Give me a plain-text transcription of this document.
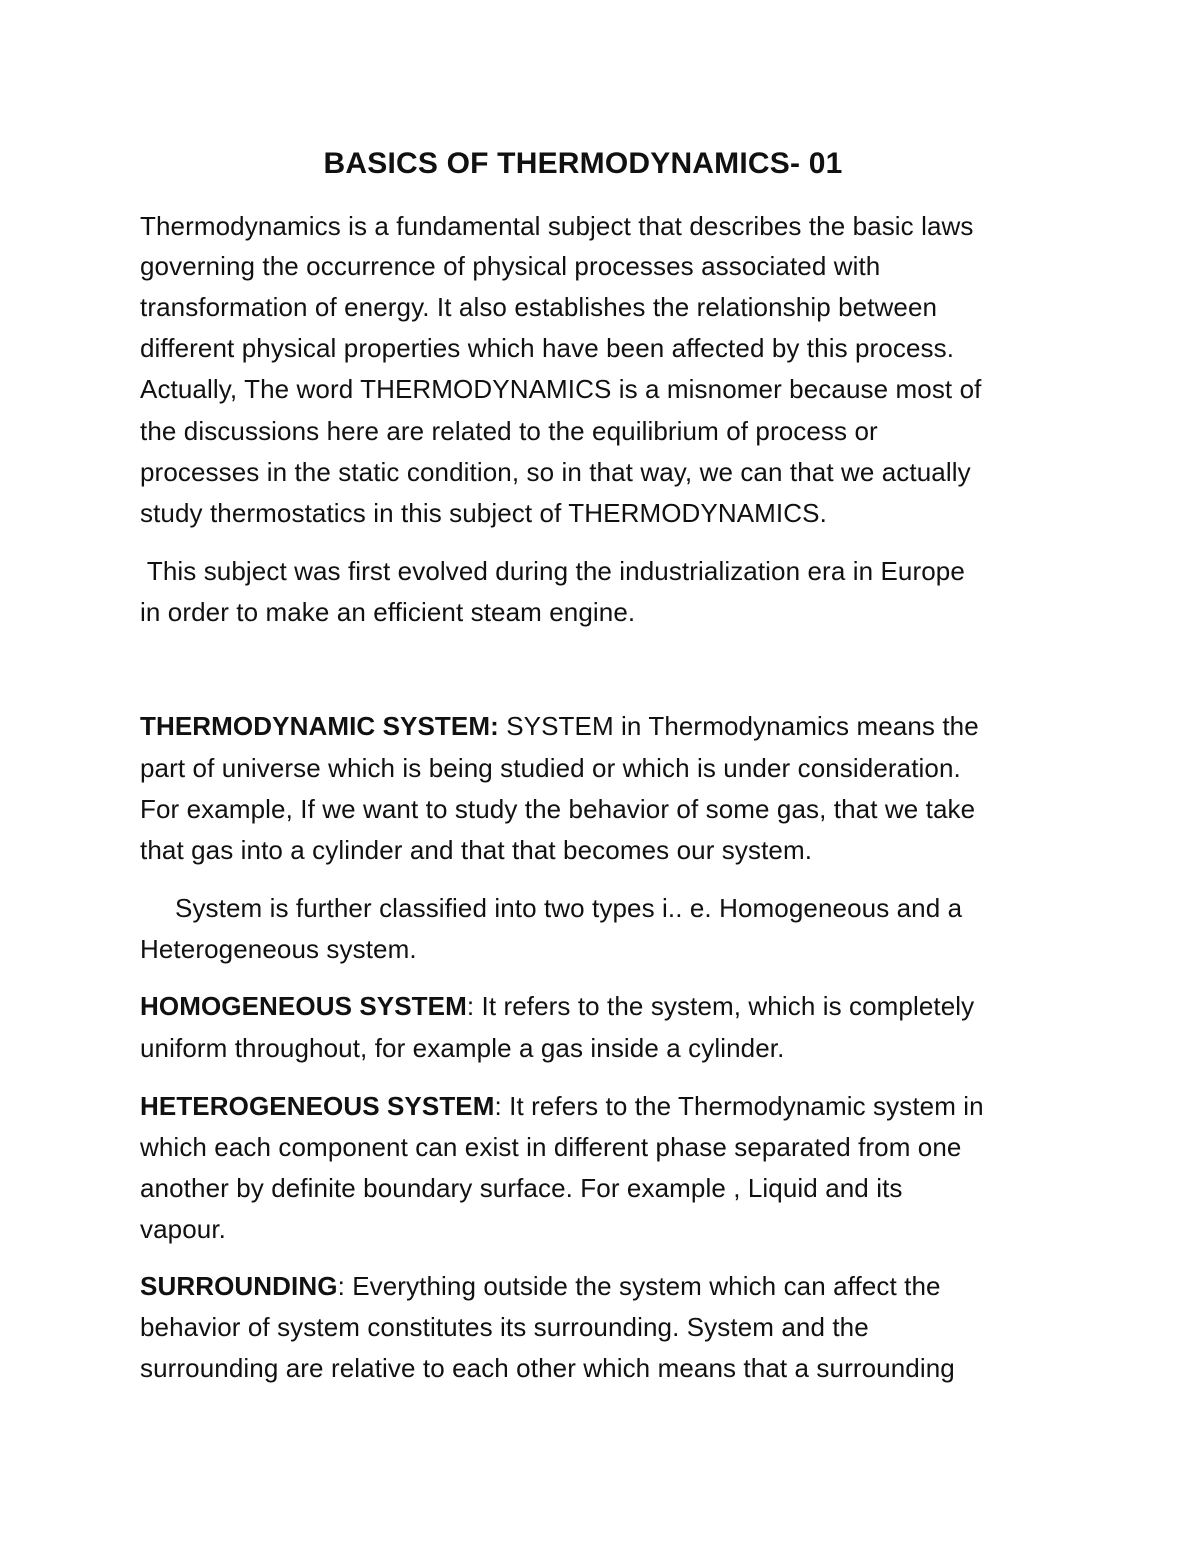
BASICS OF THERMODYNAMICS- 01
Thermodynamics is a fundamental subject that describes the basic laws
governing the occurrence of physical processes associated with
transformation of energy. It also establishes the relationship between
different physical properties which have been affected by this process.
Actually, The word THERMODYNAMICS is a misnomer because most of
the discussions here are related to the equilibrium of process or
processes in the static condition, so in that way, we can that we actually
study thermostatics in this subject of THERMODYNAMICS.
This subject was first evolved during the industrialization era in Europe
in order to make an efficient steam engine.
THERMODYNAMIC SYSTEM: SYSTEM in Thermodynamics means the
part of universe which is being studied or which is under consideration.
For example, If we want to study the behavior of some gas, that we take
that gas into a cylinder and that that becomes our system.
System is further classified into two types i.. e. Homogeneous and a
Heterogeneous system.
HOMOGENEOUS SYSTEM: It refers to the system, which is completely
uniform throughout, for example a gas inside a cylinder.
HETEROGENEOUS SYSTEM: It refers to the Thermodynamic system in
which each component can exist in different phase separated from one
another by definite boundary surface. For example , Liquid and its
vapour.
SURROUNDING: Everything outside the system which can affect the
behavior of system constitutes its surrounding. System and the
surrounding are relative to each other which means that a surrounding
